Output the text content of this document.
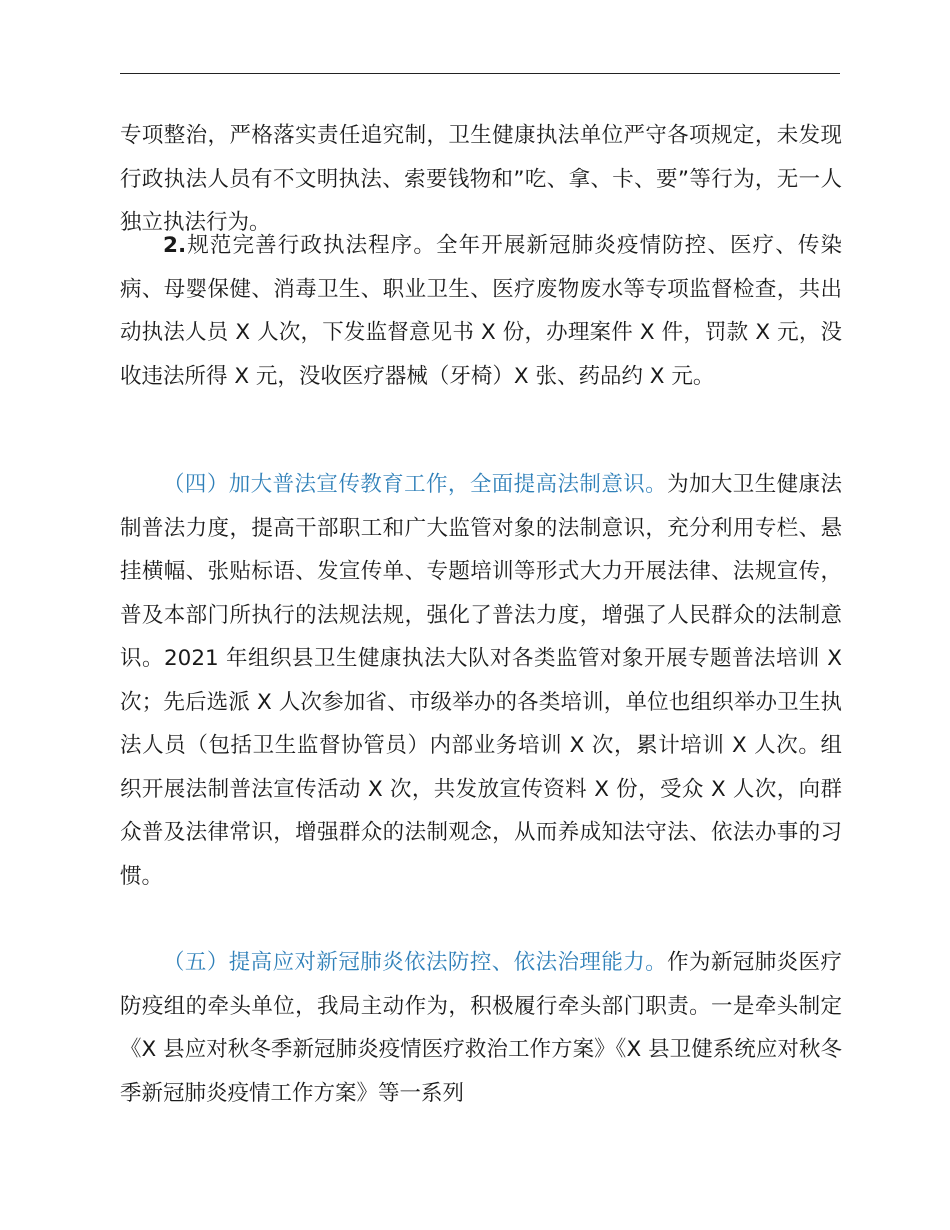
专项整治，严格落实责任追究制，卫生健康执法单位严守各项规定，未发现行政执法人员有不文明执法、索要钱物和”吃、拿、卡、要”等行为，无一人独立执法行为。

2.规范完善行政执法程序。全年开展新冠肺炎疫情防控、医疗、传染病、母婴保健、消毒卫生、职业卫生、医疗废物废水等专项监督检查，共出动执法人员 X 人次，下发监督意见书 X 份，办理案件 X 件，罚款 X 元，没收违法所得 X 元，没收医疗器械（牙椅）X 张、药品约 X 元。

（四）加大普法宣传教育工作，全面提高法制意识。为加大卫生健康法制普法力度，提高干部职工和广大监管对象的法制意识，充分利用专栏、悬挂横幅、张贴标语、发宣传单、专题培训等形式大力开展法律、法规宣传，普及本部门所执行的法规法规，强化了普法力度，增强了人民群众的法制意识。2021 年组织县卫生健康执法大队对各类监管对象开展专题普法培训 X 次；先后选派 X 人次参加省、市级举办的各类培训，单位也组织举办卫生执法人员（包括卫生监督协管员）内部业务培训 X 次，累计培训 X 人次。组织开展法制普法宣传活动 X 次，共发放宣传资料 X 份，受众 X 人次，向群众普及法律常识，增强群众的法制观念，从而养成知法守法、依法办事的习惯。

（五）提高应对新冠肺炎依法防控、依法治理能力。作为新冠肺炎医疗防疫组的牵头单位，我局主动作为，积极履行牵头部门职责。一是牵头制定《X 县应对秋冬季新冠肺炎疫情医疗救治工作方案》《X 县卫健系统应对秋冬季新冠肺炎疫情工作方案》等一系列
